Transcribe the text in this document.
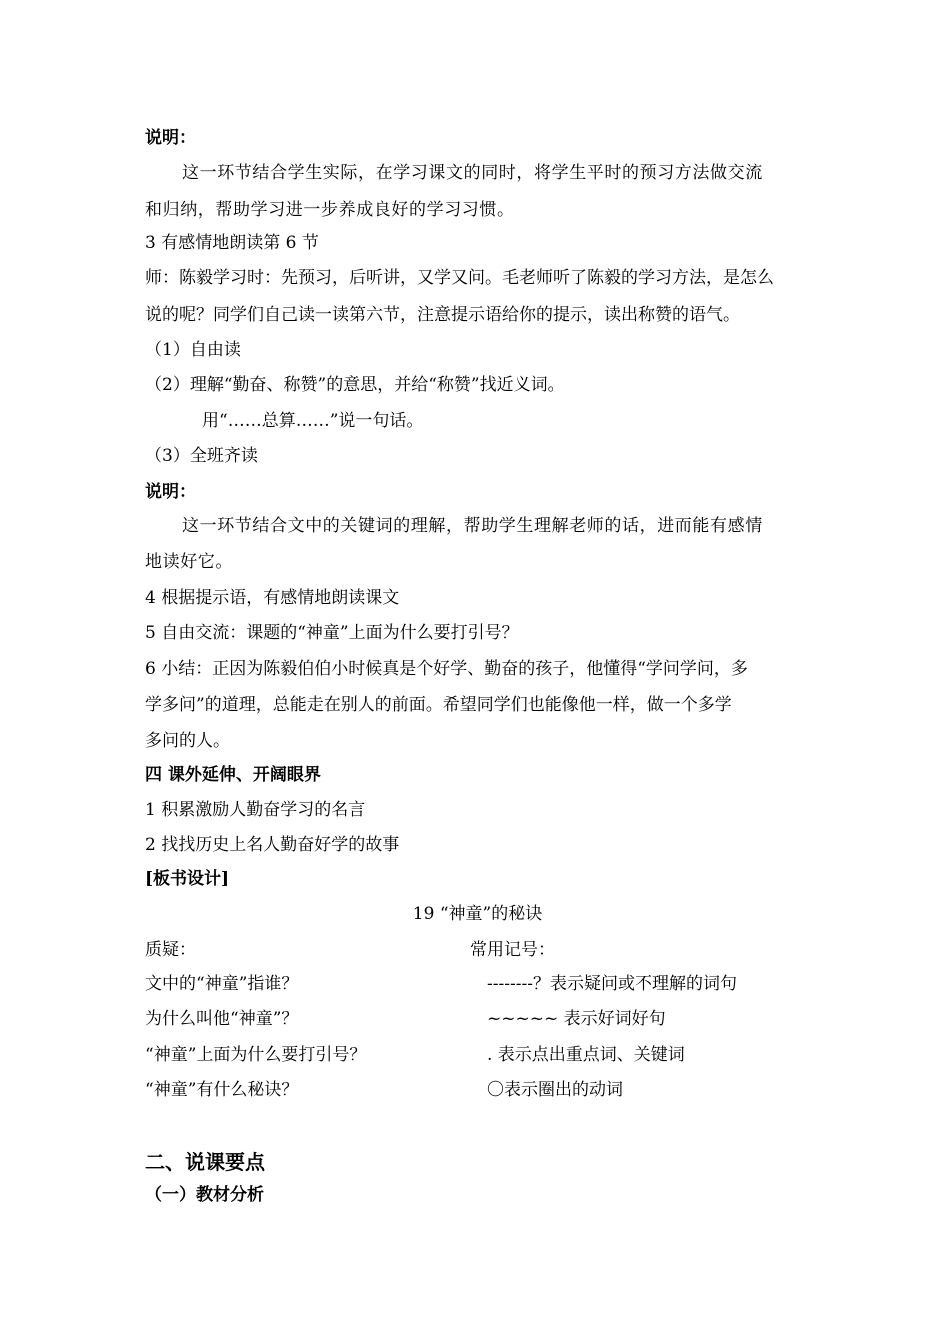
说明：
这一环节结合学生实际，在学习课文的同时，将学生平时的预习方法做交流
和归纳，帮助学习进一步养成良好的学习习惯。
3 有感情地朗读第 6 节
师：陈毅学习时：先预习，后听讲，又学又问。毛老师听了陈毅的学习方法，是怎么
说的呢？同学们自己读一读第六节，注意提示语给你的提示，读出称赞的语气。
（1）自由读
（2）理解“勤奋、称赞”的意思，并给“称赞”找近义词。
用“……总算……”说一句话。
（3）全班齐读
说明：
这一环节结合文中的关键词的理解，帮助学生理解老师的话，进而能有感情
地读好它。
4 根据提示语，有感情地朗读课文
5 自由交流：课题的“神童”上面为什么要打引号？
6 小结：正因为陈毅伯伯小时候真是个好学、勤奋的孩子，他懂得“学问学问，多
学多问”的道理，总能走在别人的前面。希望同学们也能像他一样，做一个多学
多问的人。
四 课外延伸、开阔眼界
1 积累激励人勤奋学习的名言
2 找找历史上名人勤奋好学的故事
[板书设计]
19 “神童”的秘诀
质疑：	常用记号：
文中的“神童”指谁？	--------？表示疑问或不理解的词句
为什么叫他“神童”？	~~~~~ 表示好词好句
“神童”上面为什么要打引号？	. 表示点出重点词、关键词
“神童”有什么秘诀？	〇表示圈出的动词
二、说课要点
（一）教材分析
